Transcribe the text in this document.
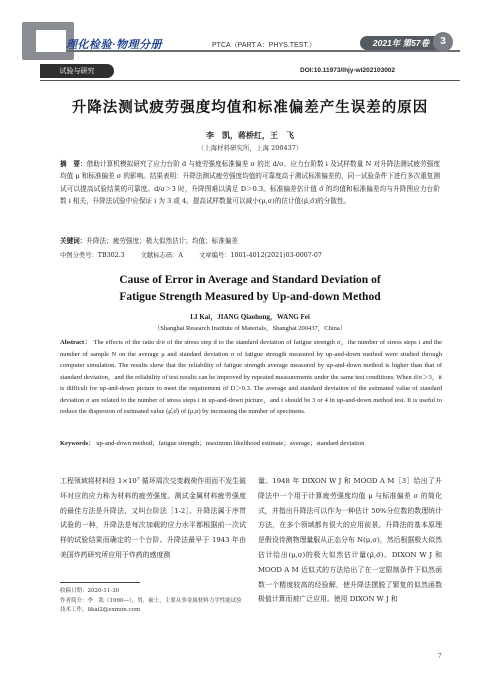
理化检验·物理分册	PTCA（PART A：PHYS.TEST.）	2021年 第57卷	3
试验与研究	DOI:10.11973/lhjy-wl202103002
升降法测试疲劳强度均值和标准偏差产生误差的原因
李　凯，蒋桥红，王　飞
（上海材料研究所，上海 200437）
摘　要：借助计算机模拟研究了应力台阶 d 与疲劳强度标准偏差 σ 的比 d/σ、应力台阶数 i 及试样数量 N 对升降法测试疲劳强度均值 μ 和标准偏差 σ 的影响。结果表明：升降法测试疲劳强度均值的可靠度高于测试标准偏差的，同一试验条件下进行多次重复测试可以提高试验结果的可靠度。d/σ＞3 时，升降图难以满足 D＞0.3。标准偏差估计值 σ̂ 的均值和标准偏差均与升降图应力台阶数 i 相关，升降法试验中应保证 i 为 3 或 4。提高试样数量可以减小(μ,σ)的估计值(μ̂,σ̂)的分散性。
关键词：升降法；疲劳强度；极大似然估计；均值；标准偏差
中图分类号：TB302.3	文献标志码：A	文章编号：1001-4012(2021)03-0007-07
Cause of Error in Average and Standard Deviation of
Fatigue Strength Measured by Up-and-down Method
LI Kai，JIANG Qiaohong，WANG Fei
（Shanghai Research Institute of Materials，Shanghai 200437，China）
Abstract： The effects of the ratio d/σ of the stress step d to the standard deviation of fatigue strength σ，the number of stress steps i and the number of sample N on the average μ and standard deviation σ of fatigue strength measured by up-and-down method were studied through computer simulation. The results show that the reliability of fatigue strength average measured by up-and-down method is higher than that of standard deviation，and the reliability of test results can be improved by repeated measurements under the same test conditions. When d/σ＞3，it is difficult for up-and-down picture to meet the requirement of D＞0.3. The average and standard deviation of the estimated value of standard deviation σ are related to the number of stress steps i in up-and-down picture，and i should be 3 or 4 in up-and-down method test. It is useful to reduce the dispersion of estimated value (μ̂,σ̂) of (μ,σ) by increasing the number of specimens.
Keywords： up-and-down method；fatigue strength；maximum likelihood estimate；average；standard deviation
工程领域将材料经 1×10⁷ 循环周次交变载荷作用而不发生破坏对应的应力称为材料的疲劳强度。测试金属材料疲劳强度的最佳方法是升降法，又叫台阶法［1-2］。升降法属于序贯试验的一种，升降法是每次加载的应力水平都根据前一次试样的试验结果而确定的一个台阶。升降法最早于 1943 年由美国炸药研究所应用于炸药的感度测
量。1948 年 DIXON W J 和 MOOD A M［3］给出了升降法中一个用于计算疲劳强度均值 μ 与标准偏差 σ 的简化式，并指出升降法可以作为一种估计 50%分位数的数理统计方法，在多个领域都有很大的应用前景。升降法的基本原理是假设待测物理量服从正态分布 N(μ,σ)，然后根据极大似然估计给出(μ,σ)的极大似然估计量(μ̂,σ̂)。DIXON W J 和 MOOD A M 近似式的方法给出了在一定限制条件下似然函数一个精度较高的经验解，使升降法摆脱了繁复的似然函数极值计算而被广泛应用。使用 DIXON W J 和
收稿日期：2020-11-30
作者简介：李　凯（1990—），男，硕士，主要从事金属材料力学性能试验技术工作，likai2@exmon.com
7
